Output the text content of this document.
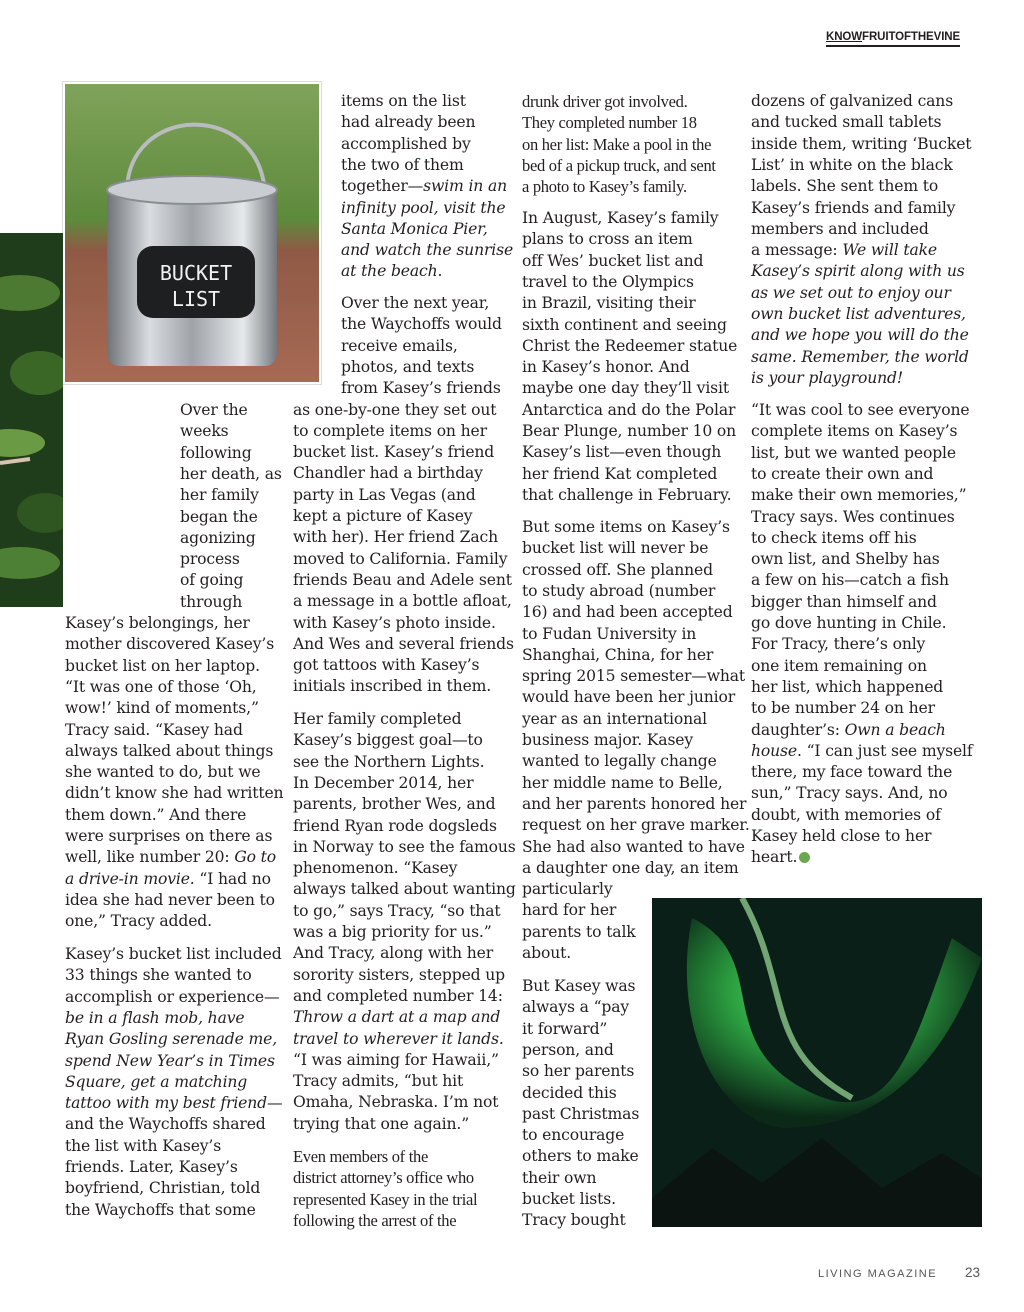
KNOWFRUITOFTHEVINE
BUCKET
LIST
Over the
weeks
following
her death, as
her family
began the
agonizing
process
of going
through
Kasey’s belongings, her
mother discovered Kasey’s
bucket list on her laptop.
“It was one of those ‘Oh,
wow!’ kind of moments,”
Tracy said. “Kasey had
always talked about things
she wanted to do, but we
didn’t know she had written
them down.” And there
were surprises on there as
well, like number 20: Go to
a drive-in movie. “I had no
idea she had never been to
one,” Tracy added.
Kasey’s bucket list included
33 things she wanted to
accomplish or experience—
be in a flash mob, have
Ryan Gosling serenade me,
spend New Year’s in Times
Square, get a matching
tattoo with my best friend—
and the Waychoffs shared
the list with Kasey’s
friends. Later, Kasey’s
boyfriend, Christian, told
the Waychoffs that some
items on the list
had already been
accomplished by
the two of them
together—swim in an
infinity pool, visit the
Santa Monica Pier,
and watch the sunrise
at the beach.
Over the next year,
the Waychoffs would
receive emails,
photos, and texts
from Kasey’s friends
as one-by-one they set out
to complete items on her
bucket list. Kasey’s friend
Chandler had a birthday
party in Las Vegas (and
kept a picture of Kasey
with her). Her friend Zach
moved to California. Family
friends Beau and Adele sent
a message in a bottle afloat,
with Kasey’s photo inside.
And Wes and several friends
got tattoos with Kasey’s
initials inscribed in them.
Her family completed
Kasey’s biggest goal—to
see the Northern Lights.
In December 2014, her
parents, brother Wes, and
friend Ryan rode dogsleds
in Norway to see the famous
phenomenon. “Kasey
always talked about wanting
to go,” says Tracy, “so that
was a big priority for us.”
And Tracy, along with her
sorority sisters, stepped up
and completed number 14:
Throw a dart at a map and
travel to wherever it lands.
“I was aiming for Hawaii,”
Tracy admits, “but hit
Omaha, Nebraska. I’m not
trying that one again.”
Even members of the
district attorney’s office who
represented Kasey in the trial
following the arrest of the
drunk driver got involved.
They completed number 18
on her list: Make a pool in the
bed of a pickup truck, and sent
a photo to Kasey’s family.
In August, Kasey’s family
plans to cross an item
off Wes’ bucket list and
travel to the Olympics
in Brazil, visiting their
sixth continent and seeing
Christ the Redeemer statue
in Kasey’s honor. And
maybe one day they’ll visit
Antarctica and do the Polar
Bear Plunge, number 10 on
Kasey’s list—even though
her friend Kat completed
that challenge in February.
But some items on Kasey’s
bucket list will never be
crossed off. She planned
to study abroad (number
16) and had been accepted
to Fudan University in
Shanghai, China, for her
spring 2015 semester—what
would have been her junior
year as an international
business major. Kasey
wanted to legally change
her middle name to Belle,
and her parents honored her
request on her grave marker.
She had also wanted to have
a daughter one day, an item
particularly
hard for her
parents to talk
about.
But Kasey was
always a “pay
it forward”
person, and
so her parents
decided this
past Christmas
to encourage
others to make
their own
bucket lists.
Tracy bought
dozens of galvanized cans
and tucked small tablets
inside them, writing ‘Bucket
List’ in white on the black
labels. She sent them to
Kasey’s friends and family
members and included
a message: We will take
Kasey’s spirit along with us
as we set out to enjoy our
own bucket list adventures,
and we hope you will do the
same. Remember, the world
is your playground!
“It was cool to see everyone
complete items on Kasey’s
list, but we wanted people
to create their own and
make their own memories,”
Tracy says. Wes continues
to check items off his
own list, and Shelby has
a few on his—catch a fish
bigger than himself and
go dove hunting in Chile.
For Tracy, there’s only
one item remaining on
her list, which happened
to be number 24 on her
daughter’s: Own a beach
house. “I can just see myself
there, my face toward the
sun,” Tracy says. And, no
doubt, with memories of
Kasey held close to her
heart.
LIVING MAGAZINE 23
